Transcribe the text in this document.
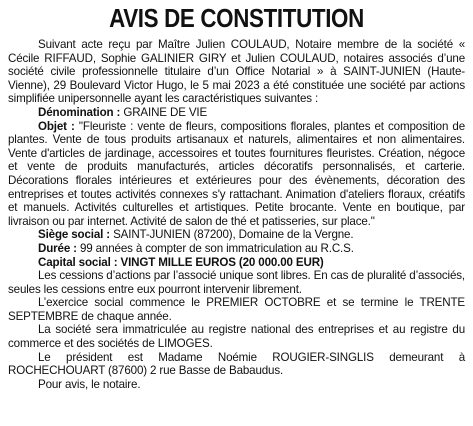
AVIS DE CONSTITUTION

Suivant acte reçu par Maître Julien COULAUD, Notaire membre de la société « Cécile RIFFAUD, Sophie GALINIER GIRY et Julien COULAUD, notaires associés d’une société civile professionnelle titulaire d’un Office Notarial » à SAINT-JUNIEN (Haute-Vienne), 29 Boulevard Victor Hugo, le 5 mai 2023 a été constituée une société par actions simplifiée unipersonnelle ayant les caractéristiques suivantes :

Dénomination : GRAINE DE VIE

Objet : "Fleuriste : vente de fleurs, compositions florales, plantes et composition de plantes. Vente de tous produits artisanaux et naturels, alimentaires et non alimentaires. Vente d'articles de jardinage, accessoires et toutes fournitures fleuristes. Création, négoce et vente de produits manufacturés, articles décoratifs personnalisés, et carterie. Décorations florales intérieures et extérieures pour des évènements, décoration des entreprises et toutes activités connexes s'y rattachant. Animation d'ateliers floraux, créatifs et manuels. Activités culturelles et artistiques. Petite brocante. Vente en boutique, par livraison ou par internet. Activité de salon de thé et patisseries, sur place."

Siège social : SAINT-JUNIEN (87200), Domaine de la Vergne.

Durée : 99 années à compter de son immatriculation au R.C.S.

Capital social : VINGT MILLE EUROS (20 000.00 EUR)

Les cessions d’actions par l’associé unique sont libres. En cas de pluralité d’associés, seules les cessions entre eux pourront intervenir librement.

L’exercice social commence le PREMIER OCTOBRE et se termine le TRENTE SEPTEMBRE de chaque année.

La société sera immatriculée au registre national des entreprises et au registre du commerce et des sociétés de LIMOGES.

Le président est Madame Noémie ROUGIER-SINGLIS demeurant à ROCHECHOUART (87600) 2 rue Basse de Babaudus.

Pour avis, le notaire.
